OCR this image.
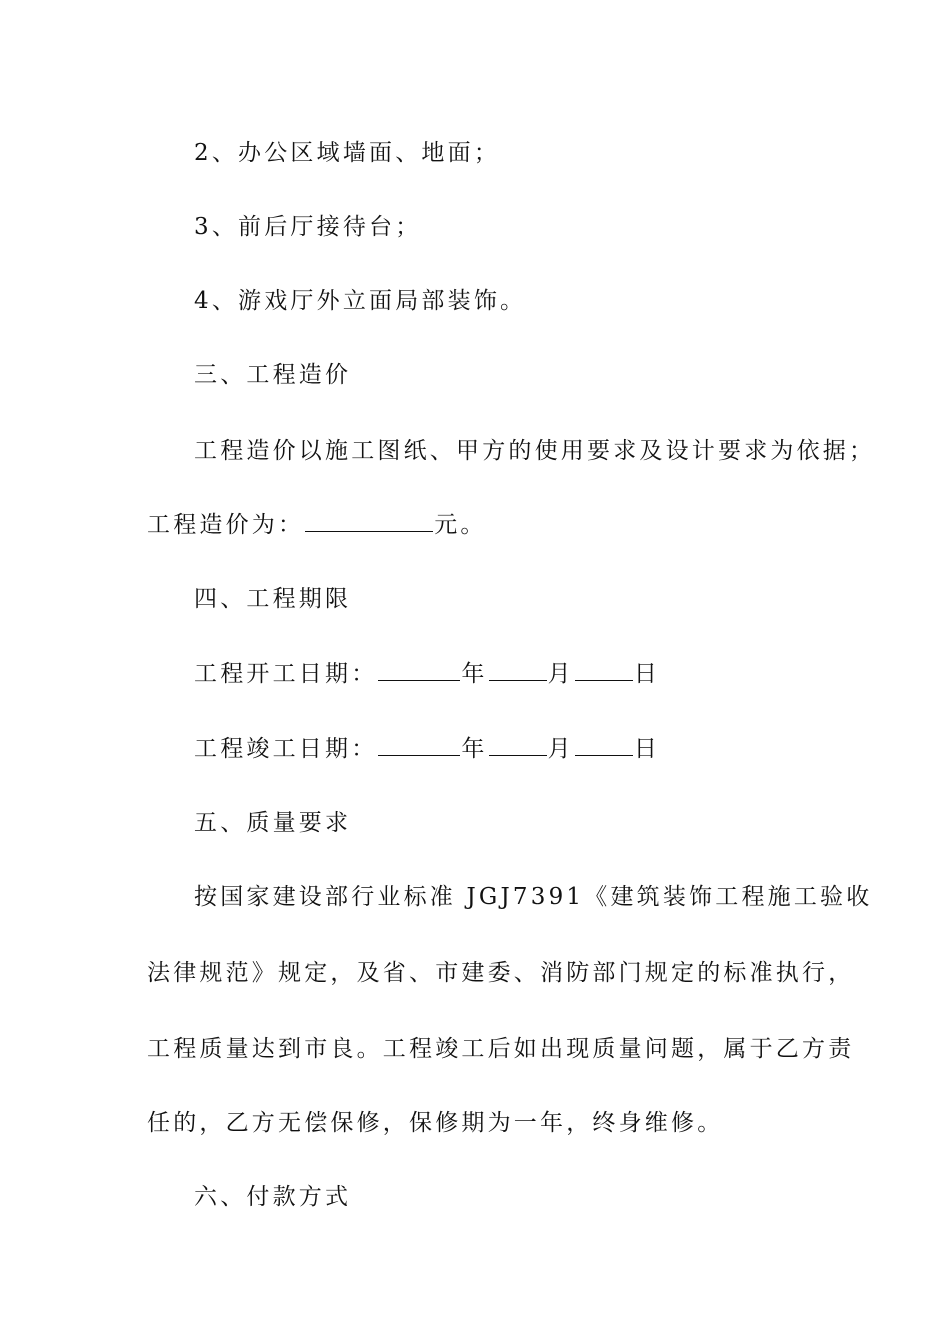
2、办公区域墙面、地面；
3、前后厅接待台；
4、游戏厅外立面局部装饰。
三、工程造价
工程造价以施工图纸、甲方的使用要求及设计要求为依据；
工程造价为：	元。
四、工程期限
工程开工日期：	年	月	日
工程竣工日期：	年	月	日
五、质量要求
按国家建设部行业标准 JGJ7391《建筑装饰工程施工验收
法律规范》规定，及省、市建委、消防部门规定的标准执行，
工程质量达到市良。工程竣工后如出现质量问题，属于乙方责
任的，乙方无偿保修，保修期为一年，终身维修。
六、付款方式
